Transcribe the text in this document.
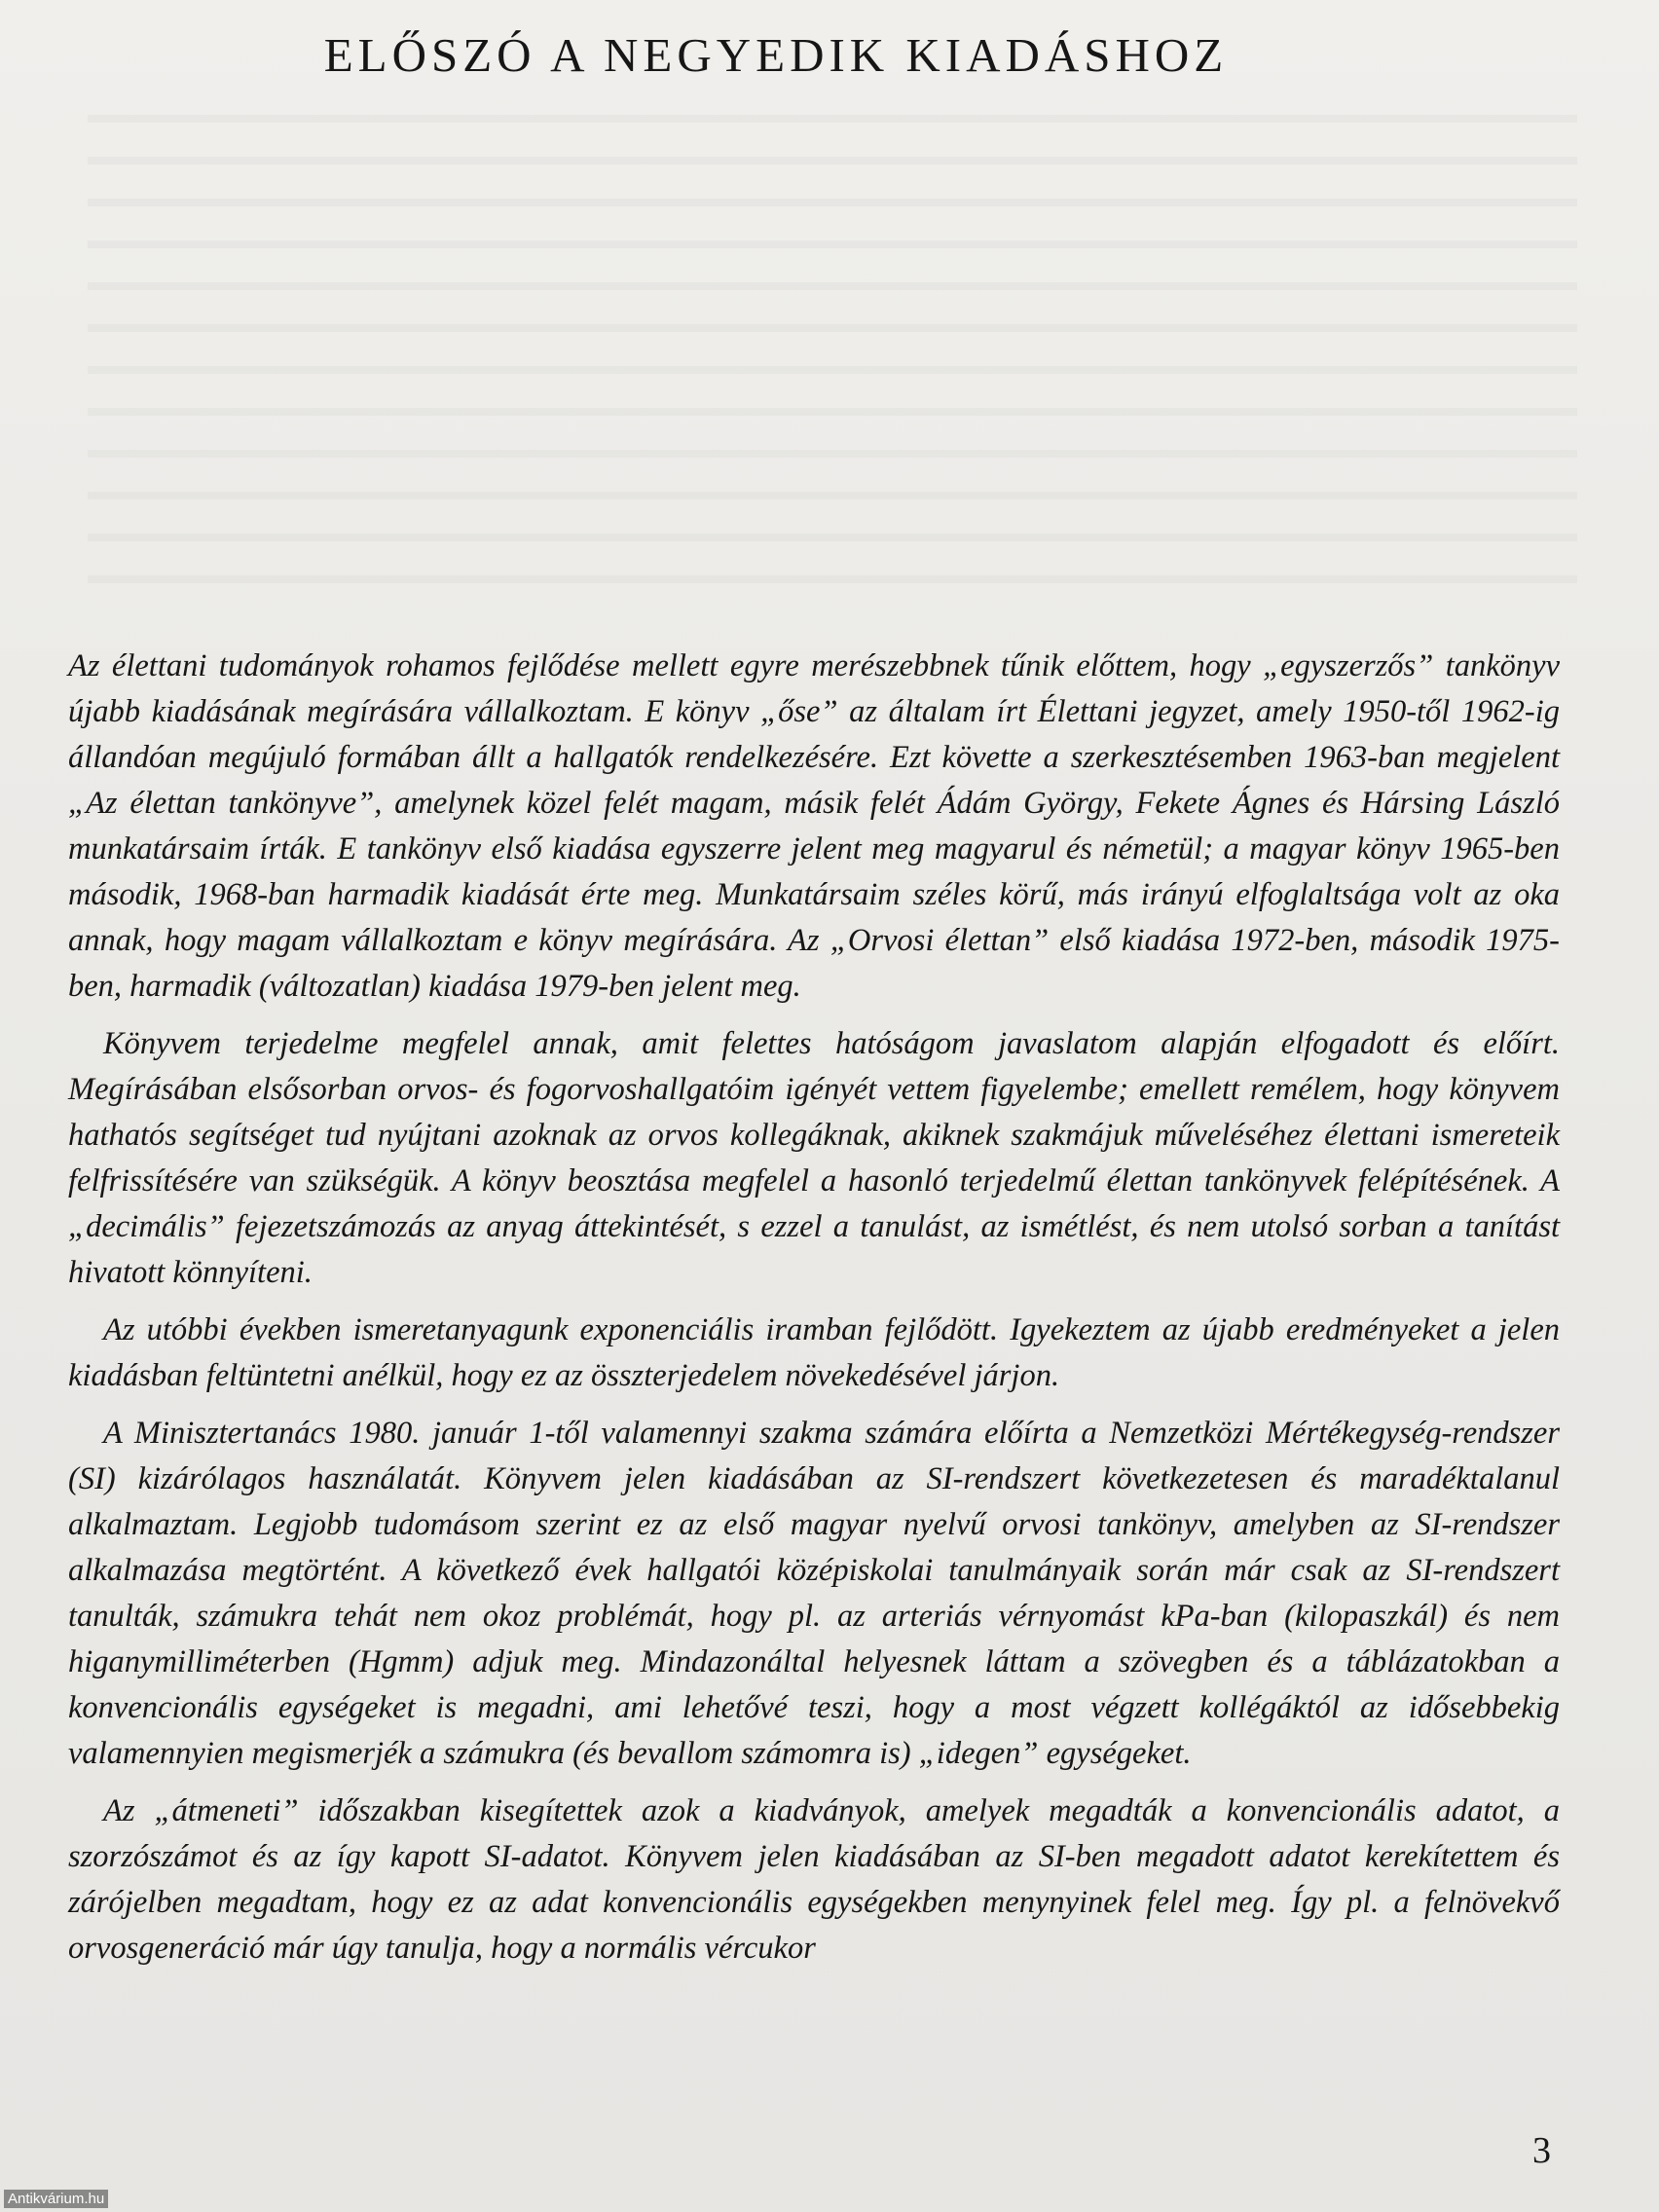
ELŐSZÓ A NEGYEDIK KIADÁSHOZ

Az élettani tudományok rohamos fejlődése mellett egyre merészebbnek tűnik előttem, hogy „egyszerzős” tankönyv újabb kiadásának megírására vállalkoztam. E könyv „őse” az általam írt Élettani jegyzet, amely 1950-től 1962-ig állandóan megújuló formában állt a hallgatók rendelkezésére. Ezt követte a szerkesztésemben 1963-ban megjelent „Az élettan tankönyve”, amelynek közel felét magam, másik felét Ádám György, Fekete Ágnes és Hársing László munkatársaim írták. E tankönyv első kiadása egyszerre jelent meg magyarul és németül; a magyar könyv 1965-ben második, 1968-ban harmadik kiadását érte meg. Munkatársaim széles körű, más irányú elfoglaltsága volt az oka annak, hogy magam vállalkoztam e könyv megírására. Az „Orvosi élettan” első kiadása 1972-ben, második 1975-ben, harmadik (változatlan) kiadása 1979-ben jelent meg.

Könyvem terjedelme megfelel annak, amit felettes hatóságom javaslatom alapján elfogadott és előírt. Megírásában elsősorban orvos- és fogorvoshallgatóim igényét vettem figyelembe; emellett remélem, hogy könyvem hathatós segítséget tud nyújtani azoknak az orvos kollegáknak, akiknek szakmájuk műveléséhez élettani ismereteik felfrissítésére van szükségük. A könyv beosztása megfelel a hasonló terjedelmű élettan tankönyvek felépítésének. A „decimális” fejezetszámozás az anyag áttekintését, s ezzel a tanulást, az ismétlést, és nem utolsó sorban a tanítást hivatott könnyíteni.

Az utóbbi években ismeretanyagunk exponenciális iramban fejlődött. Igyekeztem az újabb eredményeket a jelen kiadásban feltüntetni anélkül, hogy ez az összterjedelem növekedésével járjon.

A Minisztertanács 1980. január 1-től valamennyi szakma számára előírta a Nemzetközi Mértékegység-rendszer (SI) kizárólagos használatát. Könyvem jelen kiadásában az SI-rendszert következetesen és maradéktalanul alkalmaztam. Legjobb tudomásom szerint ez az első magyar nyelvű orvosi tankönyv, amelyben az SI-rendszer alkalmazása megtörtént. A következő évek hallgatói középiskolai tanulmányaik során már csak az SI-rendszert tanulták, számukra tehát nem okoz problémát, hogy pl. az arteriás vérnyomást kPa-ban (kilopaszkál) és nem higanymilliméterben (Hgmm) adjuk meg. Mindazonáltal helyesnek láttam a szövegben és a táblázatokban a konvencionális egységeket is megadni, ami lehetővé teszi, hogy a most végzett kollégáktól az idősebbekig valamennyien megismerjék a számukra (és bevallom számomra is) „idegen” egységeket.

Az „átmeneti” időszakban kisegítettek azok a kiadványok, amelyek megadták a konvencionális adatot, a szorzószámot és az így kapott SI-adatot. Könyvem jelen kiadásában az SI-ben megadott adatot kerekítettem és zárójelben megadtam, hogy ez az adat konvencionális egységekben menynyinek felel meg. Így pl. a felnövekvő orvosgeneráció már úgy tanulja, hogy a normális vércukor

3
Antikvárium.hu
